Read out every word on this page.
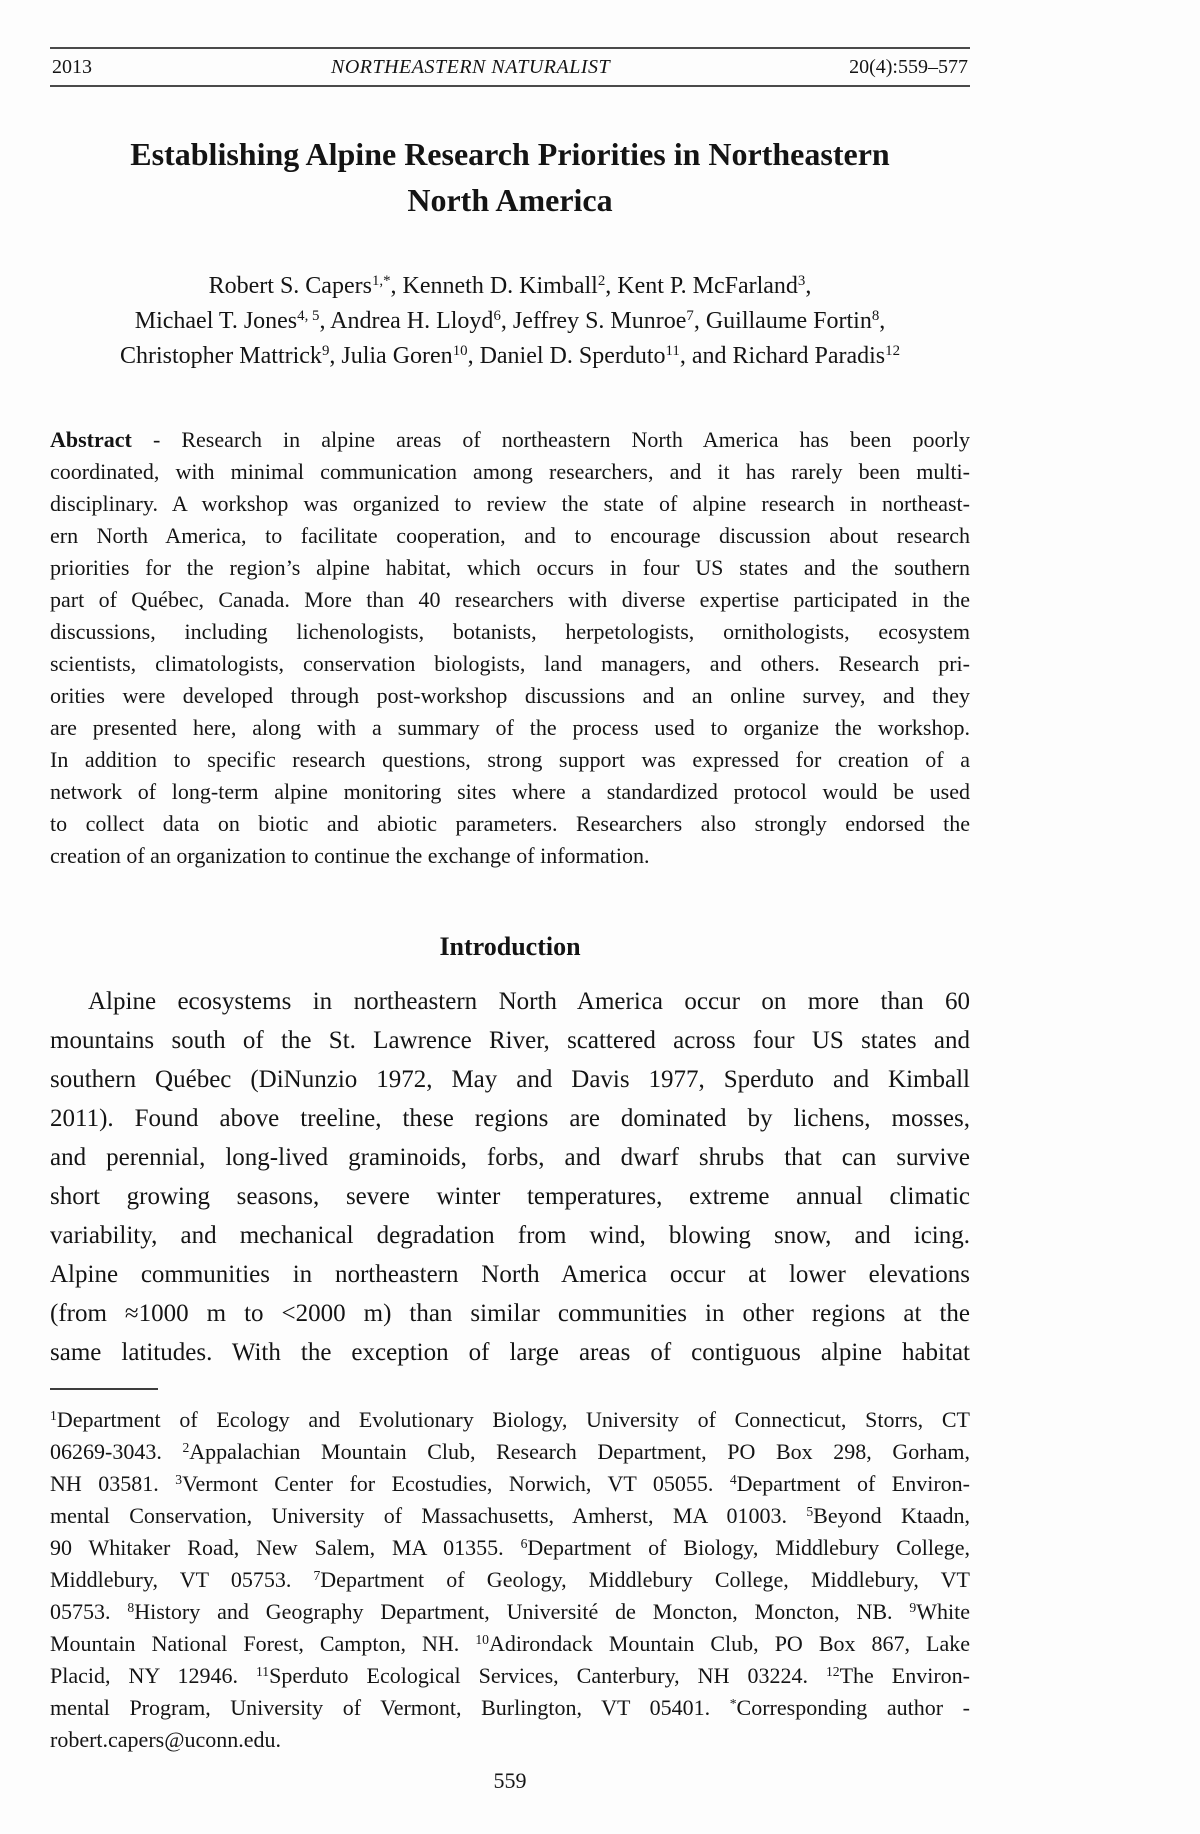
2013	NORTHEASTERN NATURALIST	20(4):559–577
Establishing Alpine Research Priorities in Northeastern
North America
Robert S. Capers$^{1,*}$, Kenneth D. Kimball$^2$, Kent P. McFarland$^3$,
Michael T. Jones$^{4, 5}$, Andrea H. Lloyd$^6$, Jeffrey S. Munroe$^7$, Guillaume Fortin$^8$,
Christopher Mattrick$^9$, Julia Goren$^{10}$, Daniel D. Sperduto$^{11}$, and Richard Paradis$^{12}$
Abstract - Research in alpine areas of northeastern North America has been poorly
coordinated, with minimal communication among researchers, and it has rarely been multi-
disciplinary. A workshop was organized to review the state of alpine research in northeast-
ern North America, to facilitate cooperation, and to encourage discussion about research
priorities for the region’s alpine habitat, which occurs in four US states and the southern
part of Québec, Canada. More than 40 researchers with diverse expertise participated in the
discussions, including lichenologists, botanists, herpetologists, ornithologists, ecosystem
scientists, climatologists, conservation biologists, land managers, and others. Research pri-
orities were developed through post-workshop discussions and an online survey, and they
are presented here, along with a summary of the process used to organize the workshop.
In addition to specific research questions, strong support was expressed for creation of a
network of long-term alpine monitoring sites where a standardized protocol would be used
to collect data on biotic and abiotic parameters. Researchers also strongly endorsed the
creation of an organization to continue the exchange of information.
Introduction
Alpine ecosystems in northeastern North America occur on more than 60
mountains south of the St. Lawrence River, scattered across four US states and
southern Québec (DiNunzio 1972, May and Davis 1977, Sperduto and Kimball
2011). Found above treeline, these regions are dominated by lichens, mosses,
and perennial, long-lived graminoids, forbs, and dwarf shrubs that can survive
short growing seasons, severe winter temperatures, extreme annual climatic
variability, and mechanical degradation from wind, blowing snow, and icing.
Alpine communities in northeastern North America occur at lower elevations
(from ≈1000 m to <2000 m) than similar communities in other regions at the
same latitudes. With the exception of large areas of contiguous alpine habitat
$^1$Department of Ecology and Evolutionary Biology, University of Connecticut, Storrs, CT
06269-3043. $^2$Appalachian Mountain Club, Research Department, PO Box 298, Gorham,
NH 03581. $^3$Vermont Center for Ecostudies, Norwich, VT 05055. $^4$Department of Environ-
mental Conservation, University of Massachusetts, Amherst, MA 01003. $^5$Beyond Ktaadn,
90 Whitaker Road, New Salem, MA 01355. $^6$Department of Biology, Middlebury College,
Middlebury, VT 05753. $^7$Department of Geology, Middlebury College, Middlebury, VT
05753. $^8$History and Geography Department, Université de Moncton, Moncton, NB. $^9$White
Mountain National Forest, Campton, NH. $^{10}$Adirondack Mountain Club, PO Box 867, Lake
Placid, NY 12946. $^{11}$Sperduto Ecological Services, Canterbury, NH 03224. $^{12}$The Environ-
mental Program, University of Vermont, Burlington, VT 05401. *Corresponding author -
robert.capers@uconn.edu.
559
